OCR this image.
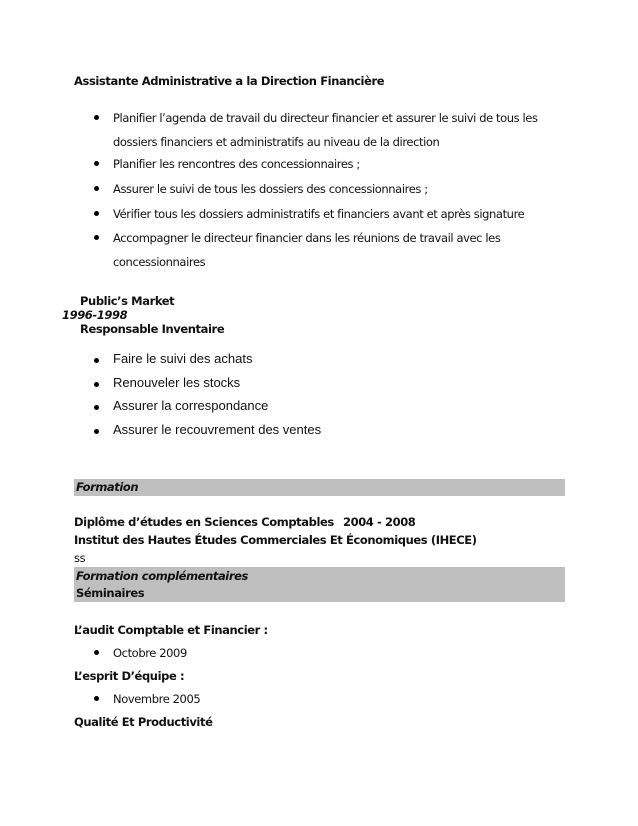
Assistante Administrative a la Direction Financière
Planifier l’agenda de travail du directeur financier et assurer le suivi de tous les
dossiers financiers et administratifs au niveau de la direction
Planifier les rencontres des concessionnaires ;
Assurer le suivi de tous les dossiers des concessionnaires ;
Vérifier tous les dossiers administratifs et financiers avant et après signature
Accompagner le directeur financier dans les réunions de travail avec les
concessionnaires
Public’s Market
1996-1998
Responsable Inventaire
Faire le suivi des achats
Renouveler les stocks
Assurer la correspondance
Assurer le recouvrement des ventes
Formation
Diplôme d’études en Sciences Comptables 2004 - 2008
Institut des Hautes Études Commerciales Et Économiques (IHECE)
ss
Formation complémentaires
Séminaires
L’audit Comptable et Financier :
Octobre 2009
L’esprit D’équipe :
Novembre 2005
Qualité Et Productivité
